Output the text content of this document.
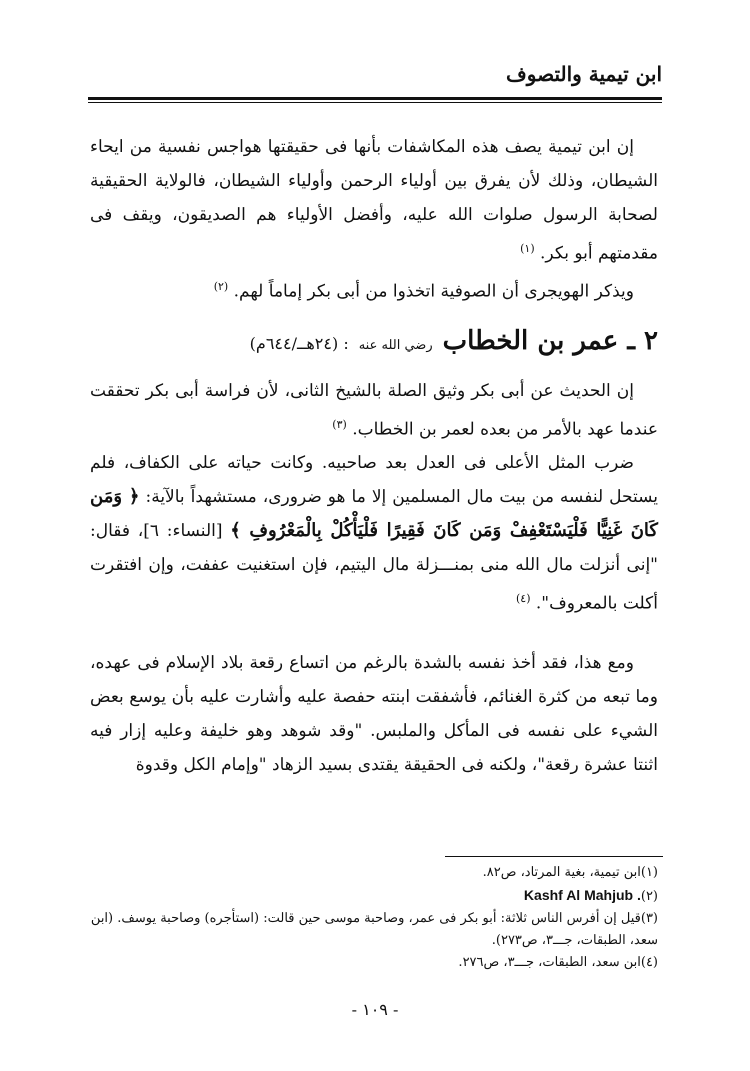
ابن تيمية والتصوف

إن ابن تيمية يصف هذه المكاشفات بأنها فى حقيقتها هواجس نفسية من ايحاء الشيطان، وذلك لأن يفرق بين أولياء الرحمن وأولياء الشيطان، فالولاية الحقيقية لصحابة الرسول صلوات الله عليه، وأفضل الأولياء هم الصديقون، ويقف فى مقدمتهم أبو بكر. $^{(١)}$

ويذكر الهويجرى أن الصوفية اتخذوا من أبى بكر إماماً لهم. $^{(٢)}$

٢ ـ عمر بن الخطاب
رضي الله عنه
: (٢٤هــ/٦٤٤م)

إن الحديث عن أبى بكر وثيق الصلة بالشيخ الثانى، لأن فراسة أبى بكر تحققت عندما عهد بالأمر من بعده لعمر بن الخطاب. $^{(٣)}$

ضرب المثل الأعلى فى العدل بعد صاحبيه. وكانت حياته على الكفاف، فلم يستحل لنفسه من بيت مال المسلمين إلا ما هو ضرورى، مستشهداً بالآية: ﴿ وَمَن كَانَ غَنِيًّا فَلْيَسْتَعْفِفْ وَمَن كَانَ فَقِيرًا فَلْيَأْكُلْ بِالْمَعْرُوفِ ﴾ [النساء: ٦]، فقال: "إنى أنزلت مال الله منى بمنـــزلة مال اليتيم، فإن استغنيت عففت، وإن افتقرت أكلت بالمعروف". $^{(٤)}$

ومع هذا، فقد أخذ نفسه بالشدة بالرغم من اتساع رقعة بلاد الإسلام فى عهده، وما تبعه من كثرة الغنائم، فأشفقت ابنته حفصة عليه وأشارت عليه بأن يوسع بعض الشيء على نفسه فى المأكل والملبس. "وقد شوهد وهو خليفة وعليه إزار فيه اثنتا عشرة رقعة"، ولكنه فى الحقيقة يقتدى بسيد الزهاد "وإمام الكل وقدوة

(١)ابن تيمية، بغية المرتاد، ص٨٢.

(٢)Kashf Al Mahjub .

(٣)قيل إن أفرس الناس ثلاثة: أبو بكر فى عمر، وصاحبة موسى حين قالت: (استأجره) وصاحبة يوسف. (ابن سعد، الطبقات، جـــ٣، ص٢٧٣).

(٤)ابن سعد، الطبقات، جـــ٣، ص٢٧٦.

- ١٠٩ -
